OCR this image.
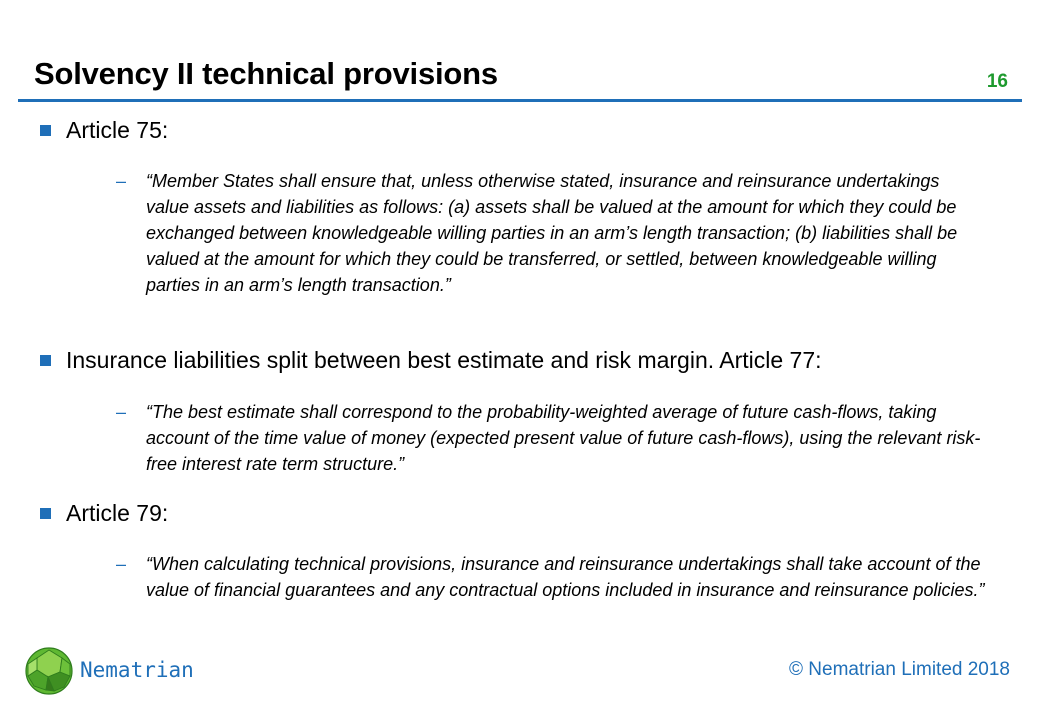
Solvency II technical provisions	16
Article 75:
–	“Member States shall ensure that, unless otherwise stated, insurance and reinsurance undertakings value assets and liabilities as follows: (a) assets shall be valued at the amount for which they could be exchanged between knowledgeable willing parties in an arm’s length transaction; (b) liabilities shall be valued at the amount for which they could be transferred, or settled, between knowledgeable willing parties in an arm’s length transaction.”
Insurance liabilities split between best estimate and risk margin. Article 77:
–	“The best estimate shall correspond to the probability-weighted average of future cash-flows, taking account of the time value of money (expected present value of future cash-flows), using the relevant risk-free interest rate term structure.”
Article 79:
–	“When calculating technical provisions, insurance and reinsurance undertakings shall take account of the value of financial guarantees and any contractual options included in insurance and reinsurance policies.”
Nematrian	© Nematrian Limited 2018
